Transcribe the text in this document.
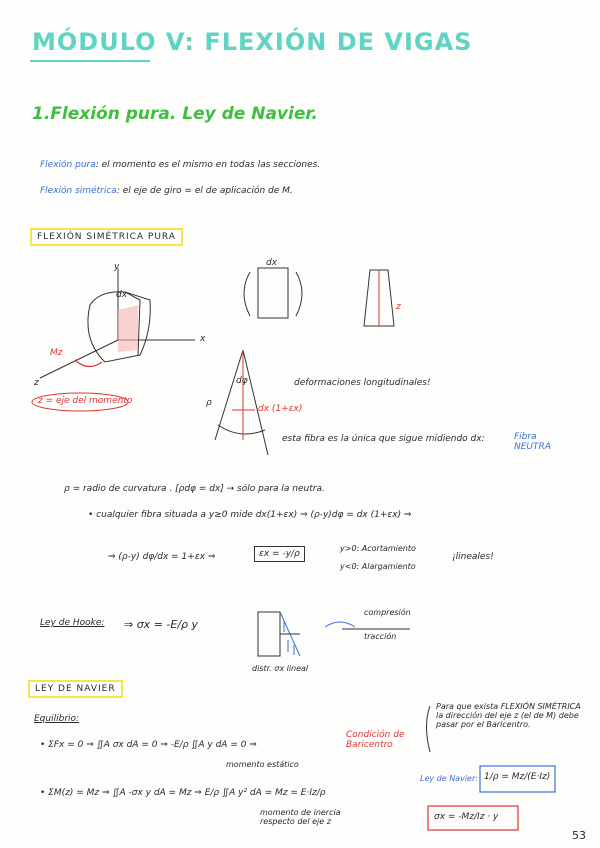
MÓDULO V: FLEXIÓN DE VIGAS
1.Flexión pura. Ley de Navier.
Flexión pura: el momento es el mismo en todas las secciones.
Flexión simétrica: el eje de giro = el de aplicación de M.
FLEXIÓN SIMÉTRICA PURA
y
x
z
dx
Mz
z = eje del momento
dx
z
deformaciones longitudinales!
ρ
dφ
dx (1+εx)
esta fibra es la única que sigue midiendo dx:	Fibra NEUTRA
ρ = radio de curvatura . [ρdφ = dx] → sólo para la neutra.
• cualquier fibra situada a y≥0 mide dx(1+εx) ⇒ (ρ-y)dφ = dx (1+εx) ⇒
⇒ (ρ-y) dφ/dx = 1+εx ⇒	εx = -y/ρ
y>0: Acortamiento
y<0: Alargamiento
¡lineales!
Ley de Hooke: ⇒ σx = -E/ρ y
compresión
tracción
distr. σx lineal
LEY DE NAVIER
Equilibrio:
• ΣFx = 0 ⇒ ∬A σx dA = 0 ⇒ -E/ρ ∬A y dA = 0 ⇒
momento estático
Condición de Baricentro
Para que exista FLEXIÓN SIMÉTRICA la dirección del eje z (el de M) debe pasar por el Baricentro.
• ΣM(z) = Mz ⇒ ∬A -σx y dA = Mz ⇒ E/ρ ∬A y² dA = Mz = E·Iz/ρ
momento de inercia respecto del eje z
Ley de Navier: 1/ρ = Mz/(E·Iz)
σx = -Mz/Iz · y
53
